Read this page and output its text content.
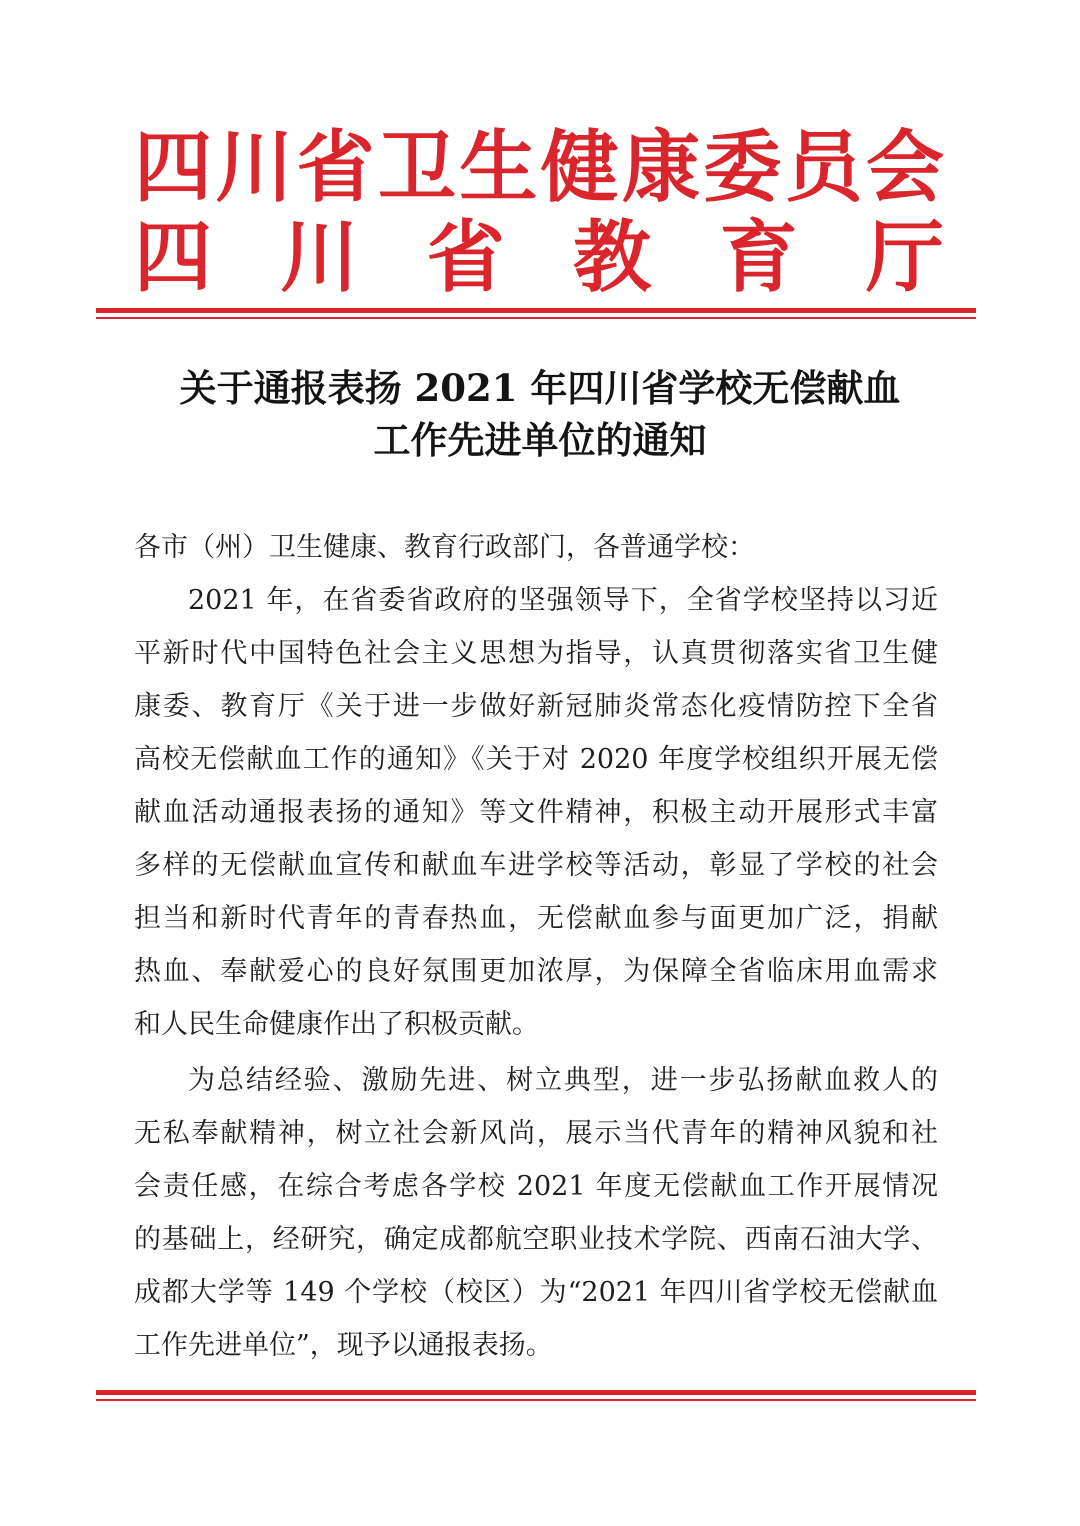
四 川 省 卫 生 健 康 委 员 会
四 川 省 教 育 厅
关于通报表扬 2021 年四川省学校无偿献血
工作先进单位的通知
各市（州）卫生健康、教育行政部门，各普通学校：
2021 年，在省委省政府的坚强领导下，全省学校坚持以习近
平新时代中国特色社会主义思想为指导，认真贯彻落实省卫生健
康委、教育厅《关于进一步做好新冠肺炎常态化疫情防控下全省
高校无偿献血工作的通知》《关于对 2020 年度学校组织开展无偿
献血活动通报表扬的通知》等文件精神，积极主动开展形式丰富
多样的无偿献血宣传和献血车进学校等活动，彰显了学校的社会
担当和新时代青年的青春热血，无偿献血参与面更加广泛，捐献
热血、奉献爱心的良好氛围更加浓厚，为保障全省临床用血需求
和人民生命健康作出了积极贡献。
为总结经验、激励先进、树立典型，进一步弘扬献血救人的
无私奉献精神，树立社会新风尚，展示当代青年的精神风貌和社
会责任感，在综合考虑各学校 2021 年度无偿献血工作开展情况
的基础上，经研究，确定成都航空职业技术学院、西南石油大学、
成都大学等 149 个学校（校区）为“2021 年四川省学校无偿献血
工作先进单位”，现予以通报表扬。
